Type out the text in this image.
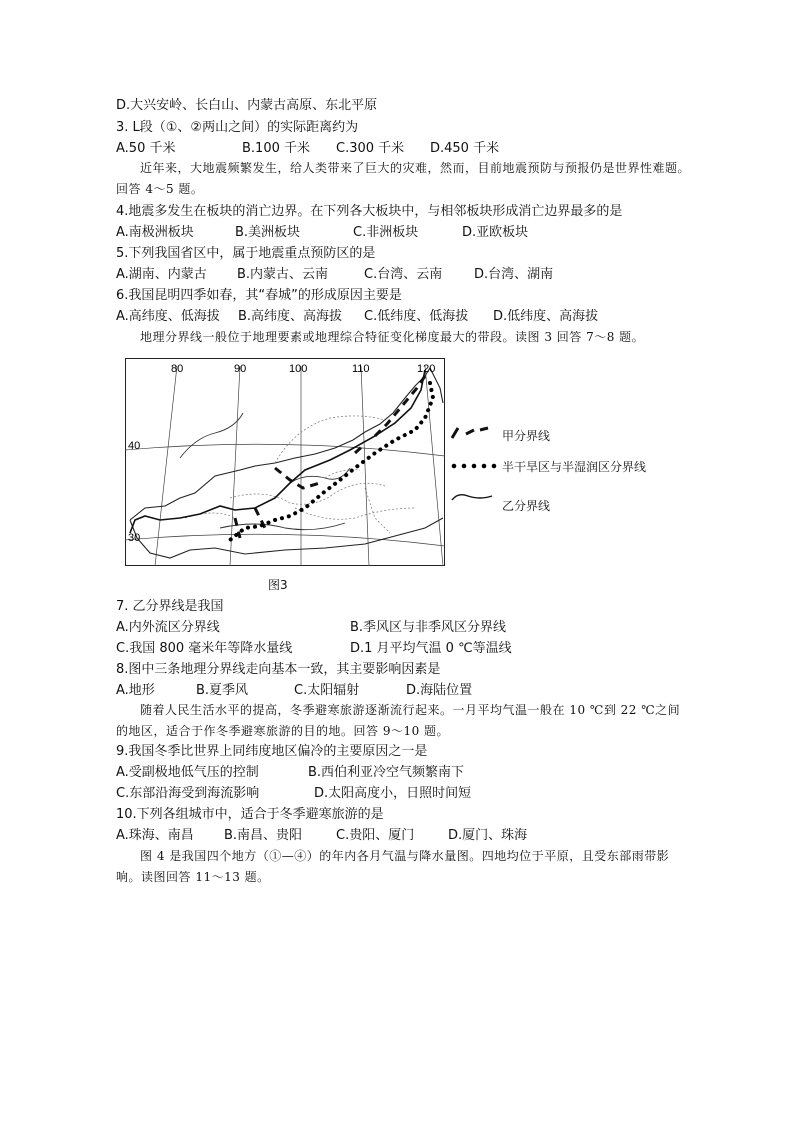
D.大兴安岭、长白山、内蒙古高原、东北平原
3. L段（①、②两山之间）的实际距离约为
A.50 千米	B.100 千米 C.300 千米 D.450 千米
近年来，大地震频繁发生，给人类带来了巨大的灾难，然而，目前地震预防与预报仍是世界性难题。回答 4～5 题。
4.地震多发生在板块的消亡边界。在下列各大板块中，与相邻板块形成消亡边界最多的是
A.南极洲板块	B.美洲板块	C.非洲板块	D.亚欧板块
5.下列我国省区中，属于地震重点预防区的是
A.湖南、内蒙古 B.内蒙古、云南	C.台湾、云南 D.台湾、湖南
6.我国昆明四季如春，其“春城”的形成原因主要是
A.高纬度、低海拔 B.高纬度、高海拔 C.低纬度、低海拔 D.低纬度、高海拔
地理分界线一般位于地理要素或地理综合特征变化梯度最大的带段。读图 3 回答 7～8 题。
80	90	100	110	120
40
30
甲分界线
半干旱区与半湿润区分界线
乙分界线
图3
7. 乙分界线是我国
A.内外流区分界线	B.季风区与非季风区分界线
C.我国 800 毫米年等降水量线	D.1 月平均气温 0 ℃等温线
8.图中三条地理分界线走向基本一致，其主要影响因素是
A.地形	B.夏季风	C.太阳辐射	D.海陆位置
随着人民生活水平的提高，冬季避寒旅游逐渐流行起来。一月平均气温一般在 10 ℃到 22 ℃之间的地区，适合于作冬季避寒旅游的目的地。回答 9～10 题。
9.我国冬季比世界上同纬度地区偏冷的主要原因之一是
A.受副极地低气压的控制	B.西伯利亚冷空气频繁南下
C.东部沿海受到海流影响	D.太阳高度小，日照时间短
10.下列各组城市中，适合于冬季避寒旅游的是
A.珠海、南昌 B.南昌、贵阳	C.贵阳、厦门	D.厦门、珠海
图 4 是我国四个地方（①—④）的年内各月气温与降水量图。四地均位于平原，且受东部雨带影响。读图回答 11～13 题。
